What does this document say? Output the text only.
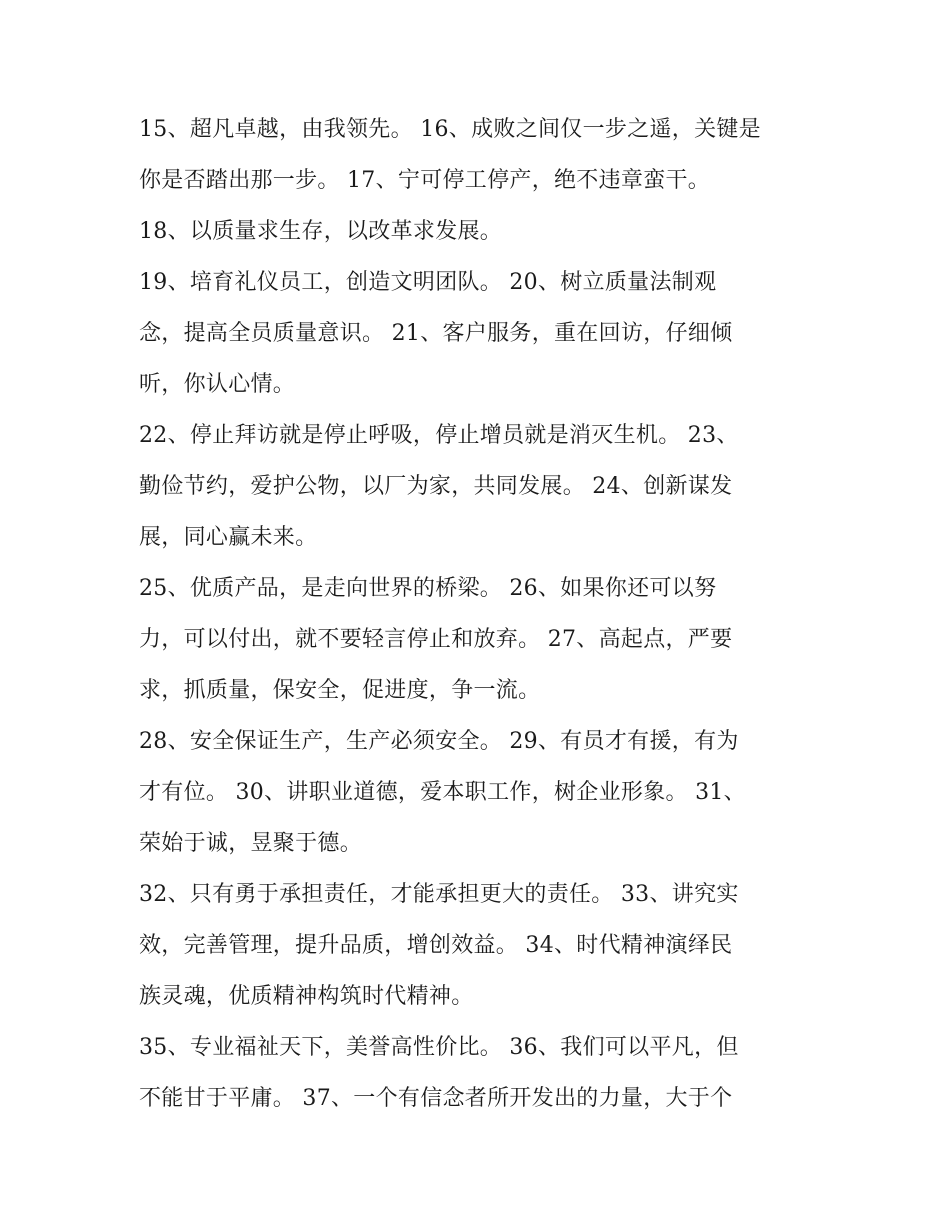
15、超凡卓越，由我领先。 16、成败之间仅一步之遥，关键是
你是否踏出那一步。 17、宁可停工停产，绝不违章蛮干。
18、以质量求生存，以改革求发展。
19、培育礼仪员工，创造文明团队。 20、树立质量法制观
念，提高全员质量意识。 21、客户服务，重在回访，仔细倾
听，你认心情。
22、停止拜访就是停止呼吸，停止增员就是消灭生机。 23、
勤俭节约，爱护公物，以厂为家，共同发展。 24、创新谋发
展，同心赢未来。
25、优质产品，是走向世界的桥梁。 26、如果你还可以努
力，可以付出，就不要轻言停止和放弃。 27、高起点，严要
求，抓质量，保安全，促进度，争一流。
28、安全保证生产，生产必须安全。 29、有员才有援，有为
才有位。 30、讲职业道德，爱本职工作，树企业形象。 31、
荣始于诚，昱聚于德。
32、只有勇于承担责任，才能承担更大的责任。 33、讲究实
效，完善管理，提升品质，增创效益。 34、时代精神演绎民
族灵魂，优质精神构筑时代精神。
35、专业福祉天下，美誉高性价比。 36、我们可以平凡，但
不能甘于平庸。 37、一个有信念者所开发出的力量，大于个
